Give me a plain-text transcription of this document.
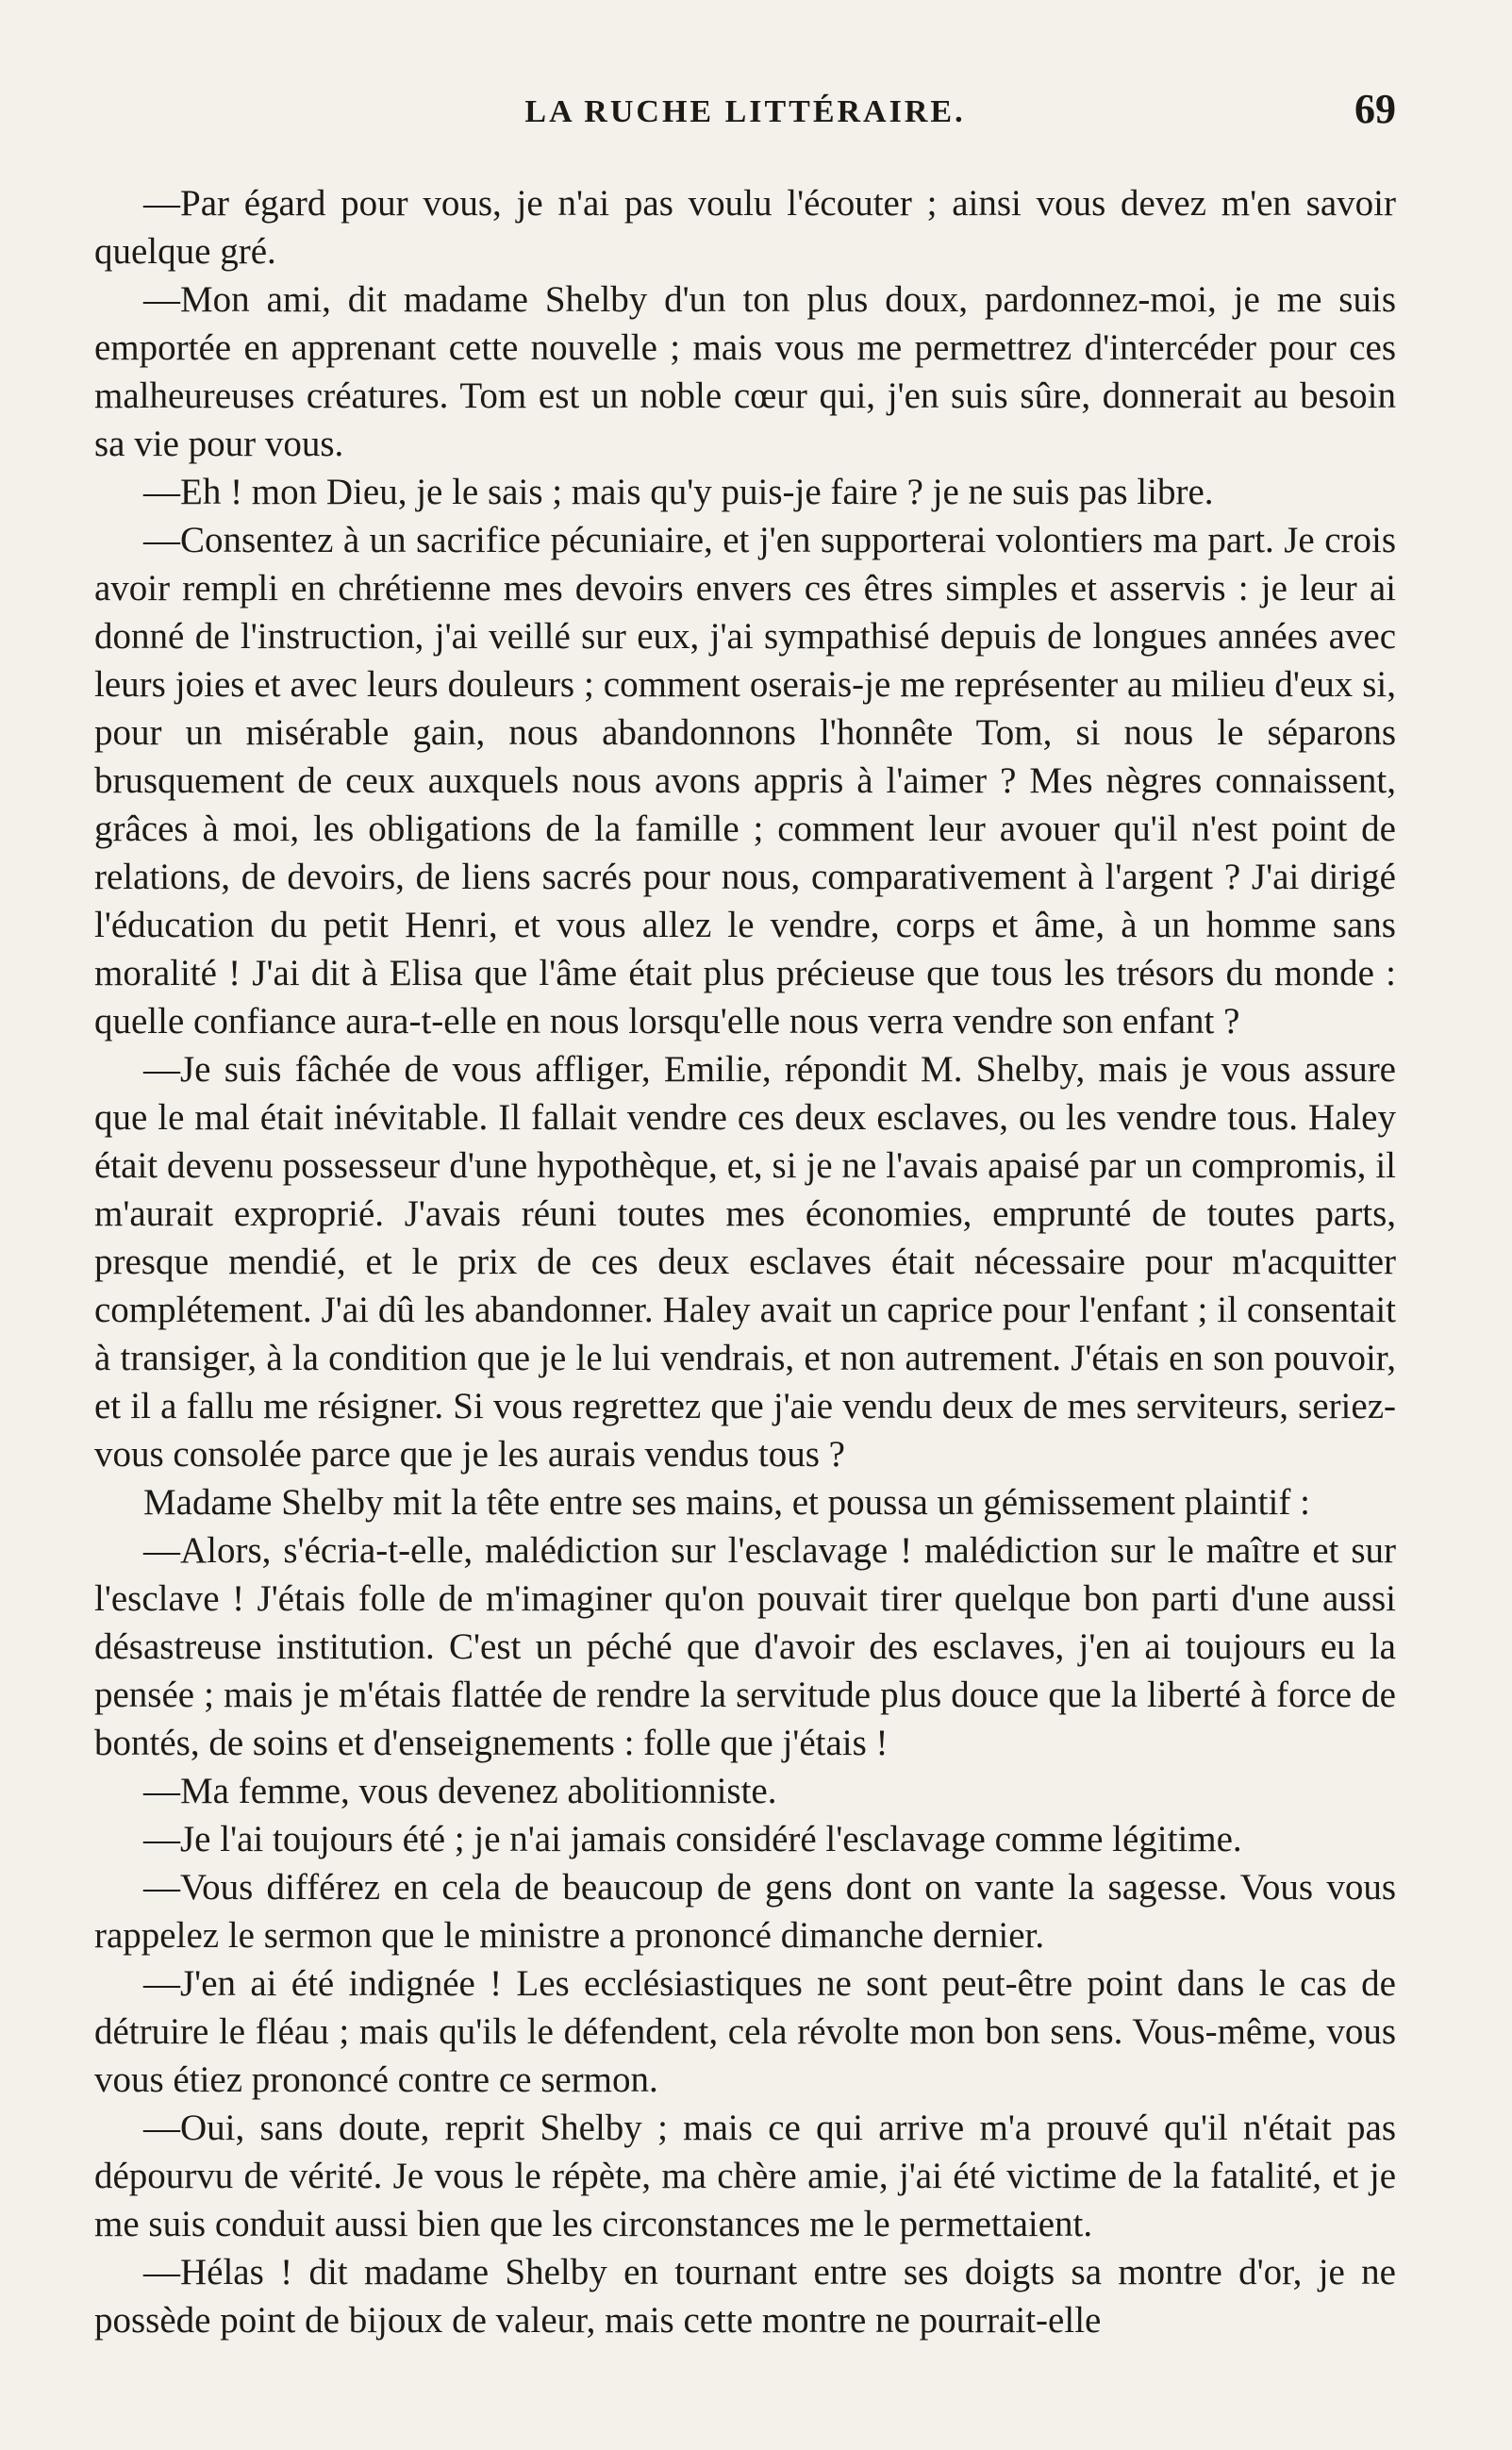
LA RUCHE LITTÉRAIRE.	69

—Par égard pour vous, je n'ai pas voulu l'écouter ; ainsi vous devez m'en savoir quelque gré.

—Mon ami, dit madame Shelby d'un ton plus doux, pardonnez-moi, je me suis emportée en apprenant cette nouvelle ; mais vous me permettrez d'intercéder pour ces malheureuses créatures. Tom est un noble cœur qui, j'en suis sûre, donnerait au besoin sa vie pour vous.

—Eh ! mon Dieu, je le sais ; mais qu'y puis-je faire ? je ne suis pas libre.

—Consentez à un sacrifice pécuniaire, et j'en supporterai volontiers ma part. Je crois avoir rempli en chrétienne mes devoirs envers ces êtres simples et asservis : je leur ai donné de l'instruction, j'ai veillé sur eux, j'ai sympathisé depuis de longues années avec leurs joies et avec leurs douleurs ; comment oserais-je me représenter au milieu d'eux si, pour un misérable gain, nous abandonnons l'honnête Tom, si nous le séparons brusquement de ceux auxquels nous avons appris à l'aimer ? Mes nègres connaissent, grâces à moi, les obligations de la famille ; comment leur avouer qu'il n'est point de relations, de devoirs, de liens sacrés pour nous, comparativement à l'argent ? J'ai dirigé l'éducation du petit Henri, et vous allez le vendre, corps et âme, à un homme sans moralité ! J'ai dit à Elisa que l'âme était plus précieuse que tous les trésors du monde : quelle confiance aura-t-elle en nous lorsqu'elle nous verra vendre son enfant ?

—Je suis fâchée de vous affliger, Emilie, répondit M. Shelby, mais je vous assure que le mal était inévitable. Il fallait vendre ces deux esclaves, ou les vendre tous. Haley était devenu possesseur d'une hypothèque, et, si je ne l'avais apaisé par un compromis, il m'aurait exproprié. J'avais réuni toutes mes économies, emprunté de toutes parts, presque mendié, et le prix de ces deux esclaves était nécessaire pour m'acquitter complétement. J'ai dû les abandonner. Haley avait un caprice pour l'enfant ; il consentait à transiger, à la condition que je le lui vendrais, et non autrement. J'étais en son pouvoir, et il a fallu me résigner. Si vous regrettez que j'aie vendu deux de mes serviteurs, seriez-vous consolée parce que je les aurais vendus tous ?

Madame Shelby mit la tête entre ses mains, et poussa un gémissement plaintif :

—Alors, s'écria-t-elle, malédiction sur l'esclavage ! malédiction sur le maître et sur l'esclave ! J'étais folle de m'imaginer qu'on pouvait tirer quelque bon parti d'une aussi désastreuse institution. C'est un péché que d'avoir des esclaves, j'en ai toujours eu la pensée ; mais je m'étais flattée de rendre la servitude plus douce que la liberté à force de bontés, de soins et d'enseignements : folle que j'étais !

—Ma femme, vous devenez abolitionniste.

—Je l'ai toujours été ; je n'ai jamais considéré l'esclavage comme légitime.

—Vous différez en cela de beaucoup de gens dont on vante la sagesse. Vous vous rappelez le sermon que le ministre a prononcé dimanche dernier.

—J'en ai été indignée ! Les ecclésiastiques ne sont peut-être point dans le cas de détruire le fléau ; mais qu'ils le défendent, cela révolte mon bon sens. Vous-même, vous vous étiez prononcé contre ce sermon.

—Oui, sans doute, reprit Shelby ; mais ce qui arrive m'a prouvé qu'il n'était pas dépourvu de vérité. Je vous le répète, ma chère amie, j'ai été victime de la fatalité, et je me suis conduit aussi bien que les circonstances me le permettaient.

—Hélas ! dit madame Shelby en tournant entre ses doigts sa montre d'or, je ne possède point de bijoux de valeur, mais cette montre ne pourrait-elle
